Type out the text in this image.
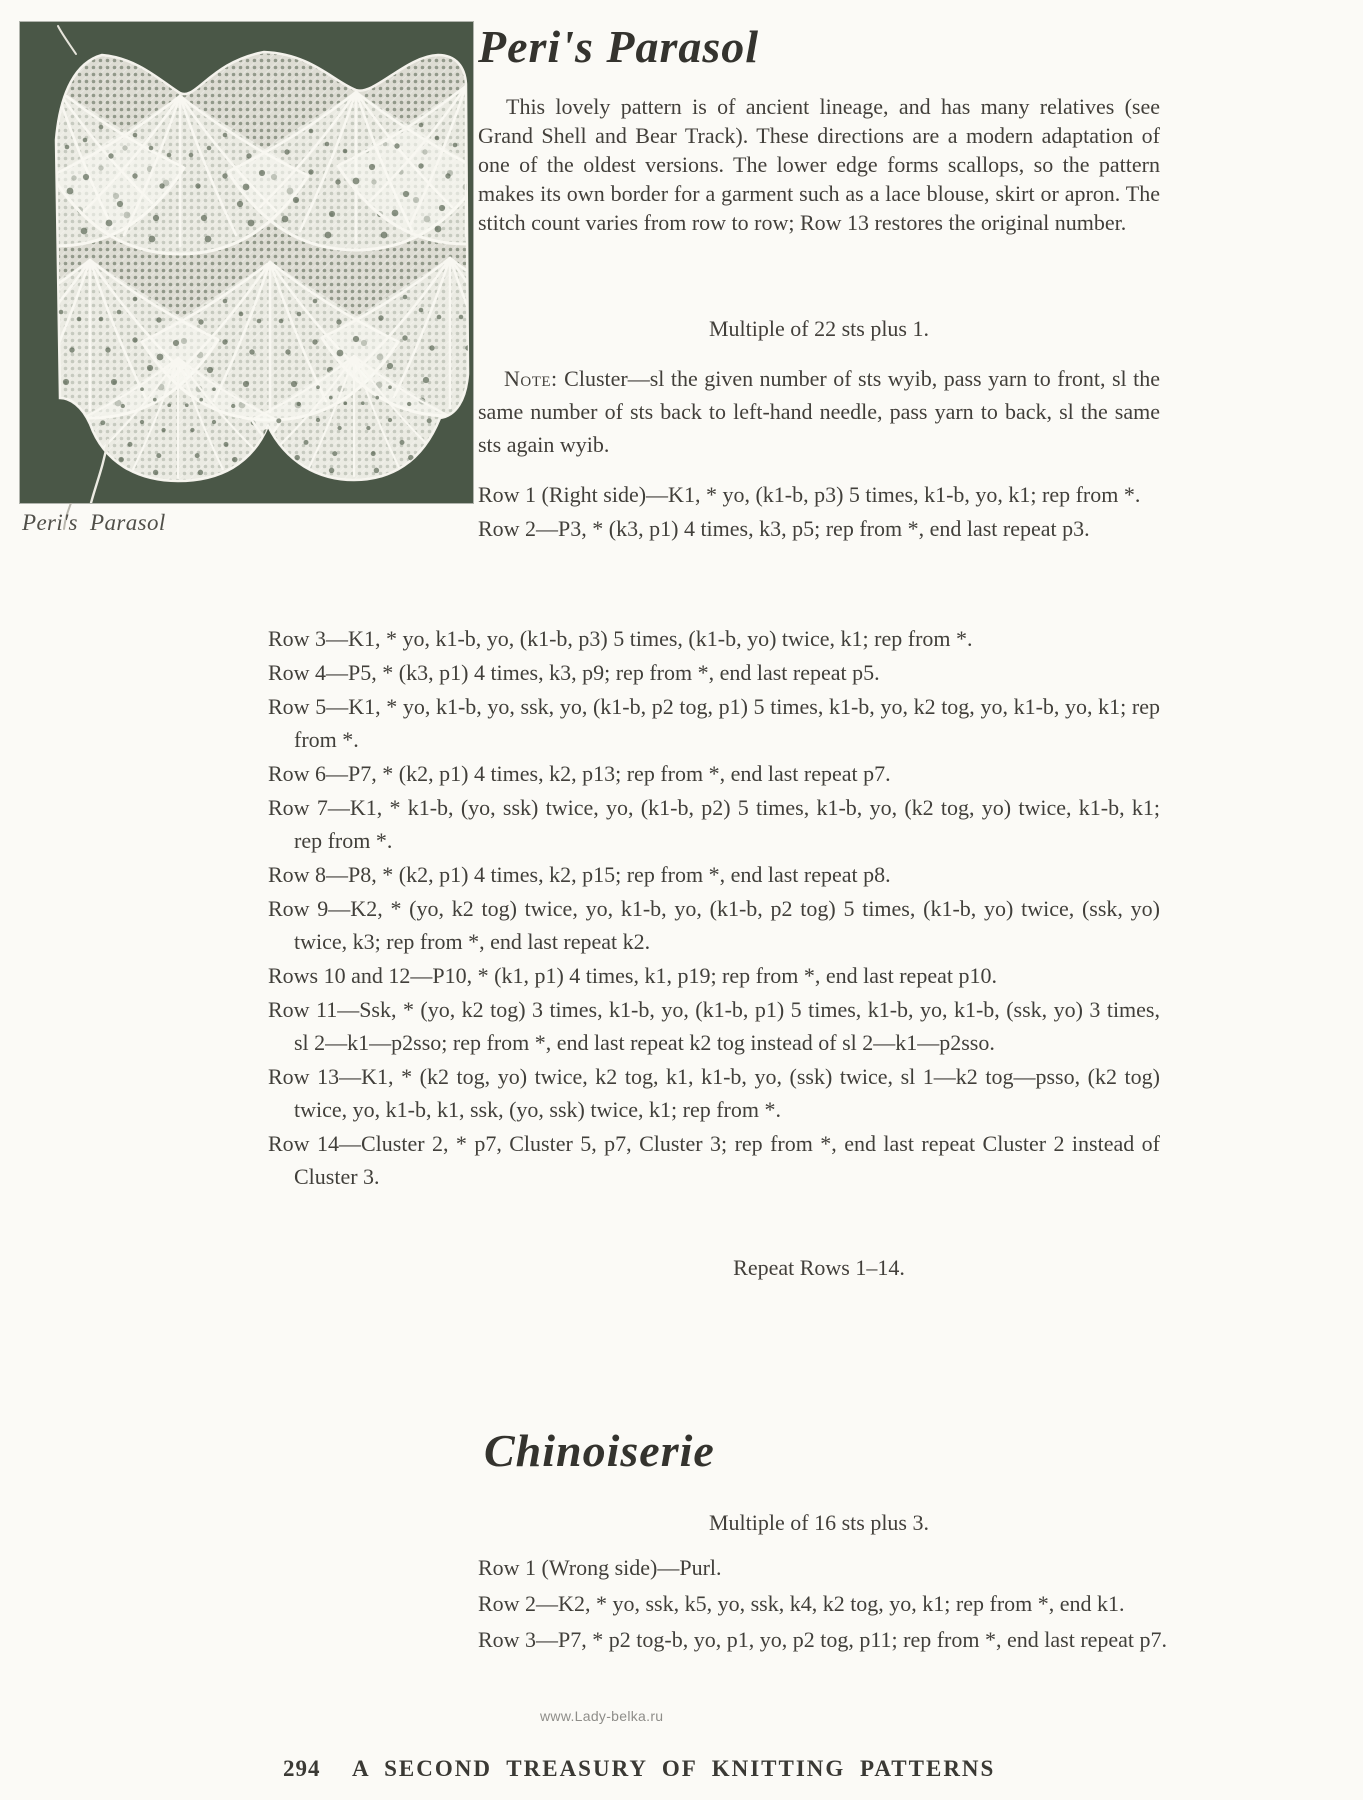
Peri's Parasol
Peri's Parasol

This lovely pattern is of ancient lineage, and has many relatives (see Grand Shell and Bear Track). These directions are a modern adaptation of one of the oldest versions. The lower edge forms scallops, so the pattern makes its own border for a garment such as a lace blouse, skirt or apron. The stitch count varies from row to row; Row 13 restores the original number.

Multiple of 22 sts plus 1.

Note: Cluster—sl the given number of sts wyib, pass yarn to front, sl the same number of sts back to left-hand needle, pass yarn to back, sl the same sts again wyib.

Row 1 (Right side)—K1, * yo, (k1-b, p3) 5 times, k1-b, yo, k1; rep from *.

Row 2—P3, * (k3, p1) 4 times, k3, p5; rep from *, end last repeat p3.

Row 3—K1, * yo, k1-b, yo, (k1-b, p3) 5 times, (k1-b, yo) twice, k1; rep from *.

Row 4—P5, * (k3, p1) 4 times, k3, p9; rep from *, end last repeat p5.

Row 5—K1, * yo, k1-b, yo, ssk, yo, (k1-b, p2 tog, p1) 5 times, k1-b, yo, k2 tog, yo, k1-b, yo, k1; rep from *.

Row 6—P7, * (k2, p1) 4 times, k2, p13; rep from *, end last repeat p7.

Row 7—K1, * k1-b, (yo, ssk) twice, yo, (k1-b, p2) 5 times, k1-b, yo, (k2 tog, yo) twice, k1-b, k1; rep from *.

Row 8—P8, * (k2, p1) 4 times, k2, p15; rep from *, end last repeat p8.

Row 9—K2, * (yo, k2 tog) twice, yo, k1-b, yo, (k1-b, p2 tog) 5 times, (k1-b, yo) twice, (ssk, yo) twice, k3; rep from *, end last repeat k2.

Rows 10 and 12—P10, * (k1, p1) 4 times, k1, p19; rep from *, end last repeat p10.

Row 11—Ssk, * (yo, k2 tog) 3 times, k1-b, yo, (k1-b, p1) 5 times, k1-b, yo, k1-b, (ssk, yo) 3 times, sl 2—k1—p2sso; rep from *, end last repeat k2 tog instead of sl 2—k1—p2sso.

Row 13—K1, * (k2 tog, yo) twice, k2 tog, k1, k1-b, yo, (ssk) twice, sl 1—k2 tog—psso, (k2 tog) twice, yo, k1-b, k1, ssk, (yo, ssk) twice, k1; rep from *.

Row 14—Cluster 2, * p7, Cluster 5, p7, Cluster 3; rep from *, end last repeat Cluster 2 instead of Cluster 3.

Repeat Rows 1–14.

Chinoiserie

Multiple of 16 sts plus 3.

Row 1 (Wrong side)—Purl.

Row 2—K2, * yo, ssk, k5, yo, ssk, k4, k2 tog, yo, k1; rep from *, end k1.

Row 3—P7, * p2 tog-b, yo, p1, yo, p2 tog, p11; rep from *, end last repeat p7.

www.Lady-belka.ru
294 A SECOND TREASURY OF KNITTING PATTERNS
